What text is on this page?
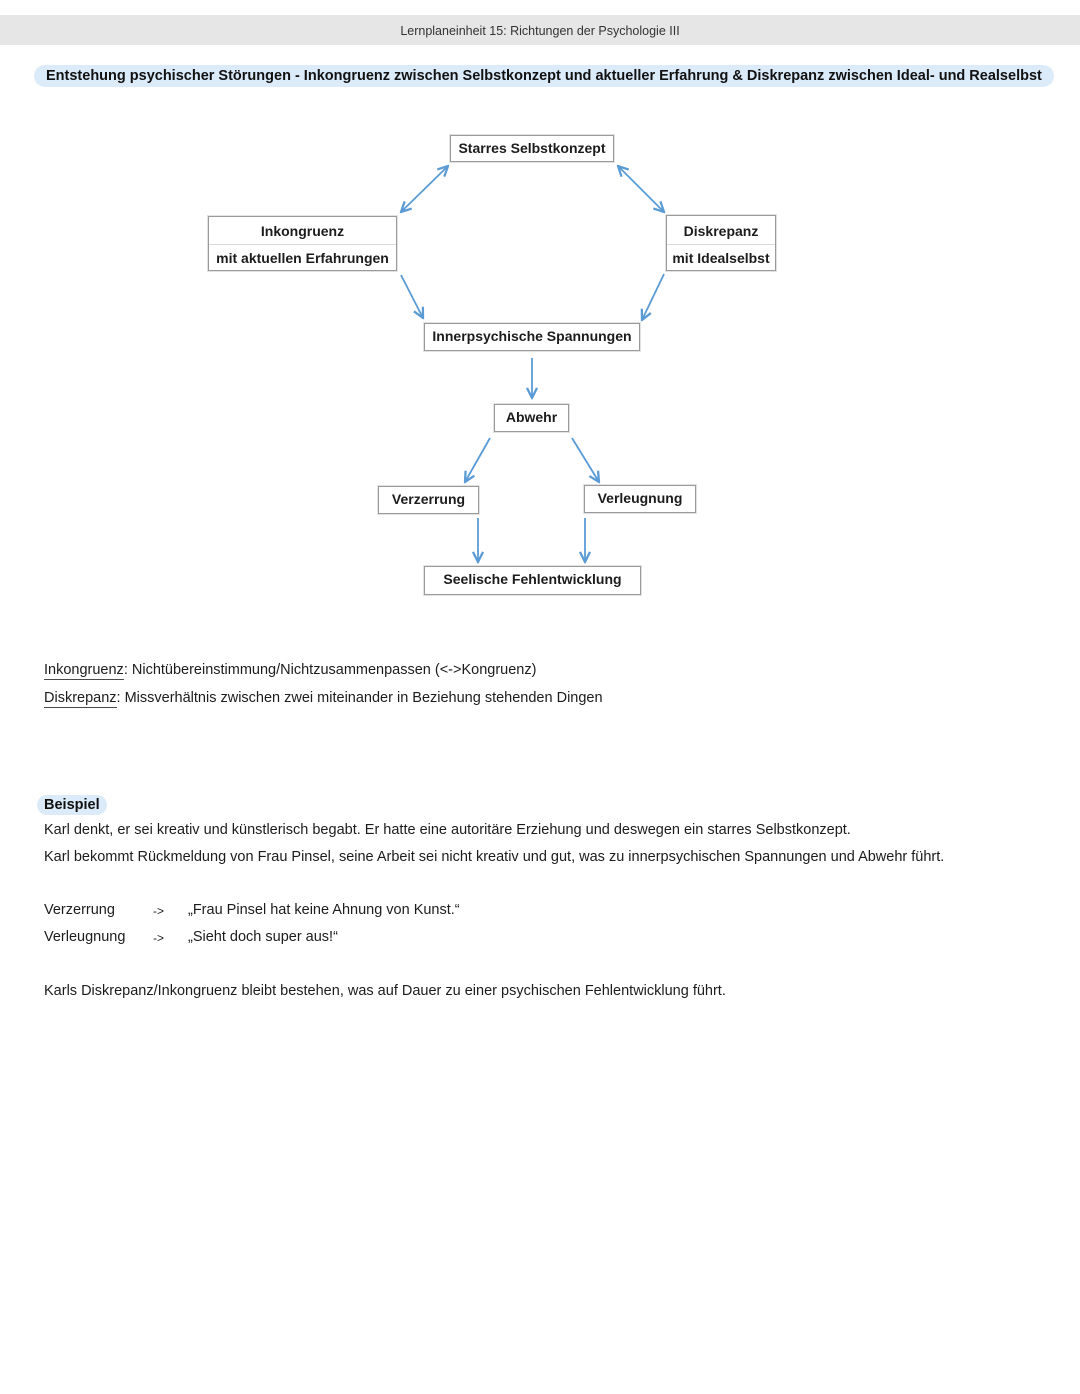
Lernplaneinheit 15: Richtungen der Psychologie III
Entstehung psychischer Störungen - Inkongruenz zwischen Selbstkonzept und aktueller Erfahrung & Diskrepanz zwischen Ideal- und Realselbst
Starres Selbstkonzept
Inkongruenz
mit aktuellen Erfahrungen
Diskrepanz
mit Idealselbst
Innerpsychische Spannungen
Abwehr
Verzerrung	Verleugnung
Seelische Fehlentwicklung
Inkongruenz: Nichtübereinstimmung/Nichtzusammenpassen (<->Kongruenz)
Diskrepanz: Missverhältnis zwischen zwei miteinander in Beziehung stehenden Dingen
Beispiel
Karl denkt, er sei kreativ und künstlerisch begabt. Er hatte eine autoritäre Erziehung und deswegen ein starres Selbstkonzept.
Karl bekommt Rückmeldung von Frau Pinsel, seine Arbeit sei nicht kreativ und gut, was zu innerpsychischen Spannungen und Abwehr führt.
Verzerrung	-> „Frau Pinsel hat keine Ahnung von Kunst.“
Verleugnung -> „Sieht doch super aus!“
Karls Diskrepanz/Inkongruenz bleibt bestehen, was auf Dauer zu einer psychischen Fehlentwicklung führt.
